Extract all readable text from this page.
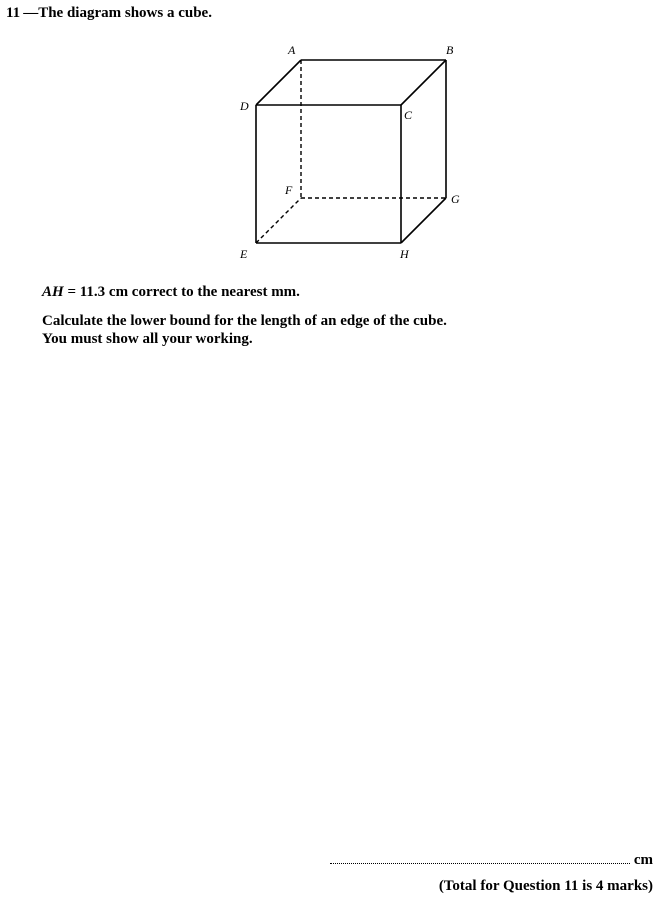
11 —The diagram shows a cube.
A	B
C
D
E
F
G
H
AH = 11.3 cm correct to the nearest mm.
Calculate the lower bound for the length of an edge of the cube.
You must show all your working.
cm
(Total for Question 11 is 4 marks)
